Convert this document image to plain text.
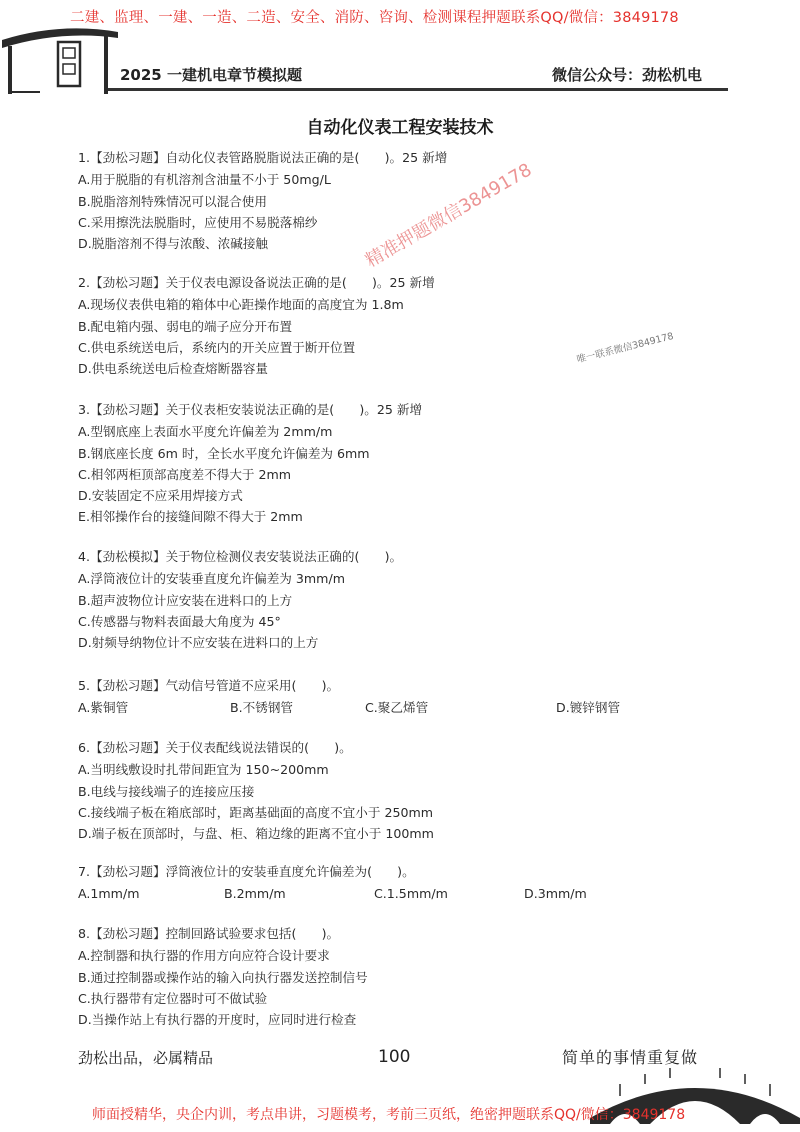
二建、监理、一建、一造、二造、安全、消防、咨询、检测课程押题联系QQ/微信：3849178
2025 一建机电章节模拟题	微信公众号：劲松机电
自动化仪表工程安装技术
1.【劲松习题】自动化仪表管路脱脂说法正确的是(　　)。25 新增
A.用于脱脂的有机溶剂含油量不小于 50mg/L
B.脱脂溶剂特殊情况可以混合使用
C.采用擦洗法脱脂时，应使用不易脱落棉纱
D.脱脂溶剂不得与浓酸、浓碱接触
2.【劲松习题】关于仪表电源设备说法正确的是(　　)。25 新增
A.现场仪表供电箱的箱体中心距操作地面的高度宜为 1.8m
B.配电箱内强、弱电的端子应分开布置
C.供电系统送电后，系统内的开关应置于断开位置
D.供电系统送电后检查熔断器容量
3.【劲松习题】关于仪表柜安装说法正确的是(　　)。25 新增
A.型钢底座上表面水平度允许偏差为 2mm/m
B.钢底座长度 6m 时，全长水平度允许偏差为 6mm
C.相邻两柜顶部高度差不得大于 2mm
D.安装固定不应采用焊接方式
E.相邻操作台的接缝间隙不得大于 2mm
4.【劲松模拟】关于物位检测仪表安装说法正确的(　　)。
A.浮筒液位计的安装垂直度允许偏差为 3mm/m
B.超声波物位计应安装在进料口的上方
C.传感器与物料表面最大角度为 45°
D.射频导纳物位计不应安装在进料口的上方
5.【劲松习题】气动信号管道不应采用(　　)。
A.紫铜管	B.不锈钢管	C.聚乙烯管	D.镀锌钢管
6.【劲松习题】关于仪表配线说法错误的(　　)。
A.当明线敷设时扎带间距宜为 150~200mm
B.电线与接线端子的连接应压接
C.接线端子板在箱底部时，距离基础面的高度不宜小于 250mm
D.端子板在顶部时，与盘、柜、箱边缘的距离不宜小于 100mm
7.【劲松习题】浮筒液位计的安装垂直度允许偏差为(　　)。
A.1mm/m	B.2mm/m	C.1.5mm/m	D.3mm/m
8.【劲松习题】控制回路试验要求包括(　　)。
A.控制器和执行器的作用方向应符合设计要求
B.通过控制器或操作站的输入向执行器发送控制信号
C.执行器带有定位器时可不做试验
D.当操作站上有执行器的开度时，应同时进行检查
精准押题微信3849178
唯一联系微信3849178
劲松出品，必属精品	100	简单的事情重复做
师面授精华，央企内训，考点串讲，习题模考，考前三页纸，绝密押题联系QQ/微信：3849178
